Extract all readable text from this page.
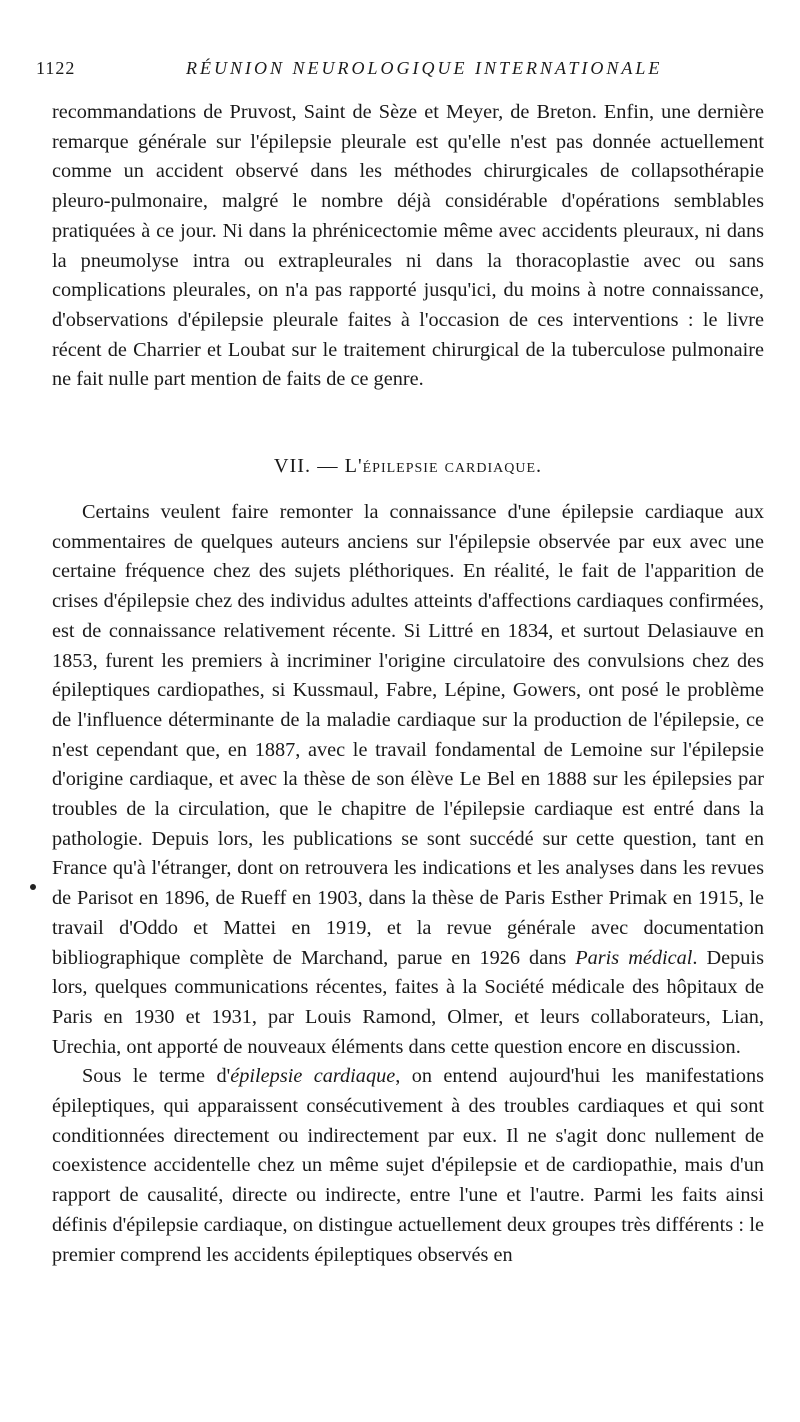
1122	RÉUNION NEUROLOGIQUE INTERNATIONALE

recommandations de Pruvost, Saint de Sèze et Meyer, de Breton. Enfin, une dernière remarque générale sur l'épilepsie pleurale est qu'elle n'est pas donnée actuellement comme un accident observé dans les méthodes chirurgicales de collapsothérapie pleuro-pulmonaire, malgré le nombre déjà considérable d'opérations semblables pratiquées à ce jour. Ni dans la phrénicectomie même avec accidents pleuraux, ni dans la pneumolyse intra ou extrapleurales ni dans la thoracoplastie avec ou sans complications pleurales, on n'a pas rapporté jusqu'ici, du moins à notre connaissance, d'observations d'épilepsie pleurale faites à l'occasion de ces interventions : le livre récent de Charrier et Loubat sur le traitement chirurgical de la tuberculose pulmonaire ne fait nulle part mention de faits de ce genre.

VII. — L'épilepsie cardiaque.

Certains veulent faire remonter la connaissance d'une épilepsie cardiaque aux commentaires de quelques auteurs anciens sur l'épilepsie observée par eux avec une certaine fréquence chez des sujets pléthoriques. En réalité, le fait de l'apparition de crises d'épilepsie chez des individus adultes atteints d'affections cardiaques confirmées, est de connaissance relativement récente. Si Littré en 1834, et surtout Delasiauve en 1853, furent les premiers à incriminer l'origine circulatoire des convulsions chez des épileptiques cardiopathes, si Kussmaul, Fabre, Lépine, Gowers, ont posé le problème de l'influence déterminante de la maladie cardiaque sur la production de l'épilepsie, ce n'est cependant que, en 1887, avec le travail fondamental de Lemoine sur l'épilepsie d'origine cardiaque, et avec la thèse de son élève Le Bel en 1888 sur les épilepsies par troubles de la circulation, que le chapitre de l'épilepsie cardiaque est entré dans la pathologie. Depuis lors, les publications se sont succédé sur cette question, tant en France qu'à l'étranger, dont on retrouvera les indications et les analyses dans les revues de Parisot en 1896, de Rueff en 1903, dans la thèse de Paris Esther Primak en 1915, le travail d'Oddo et Mattei en 1919, et la revue générale avec documentation bibliographique complète de Marchand, parue en 1926 dans Paris médical. Depuis lors, quelques communications récentes, faites à la Société médicale des hôpitaux de Paris en 1930 et 1931, par Louis Ramond, Olmer, et leurs collaborateurs, Lian, Urechia, ont apporté de nouveaux éléments dans cette question encore en discussion.

Sous le terme d'épilepsie cardiaque, on entend aujourd'hui les manifestations épileptiques, qui apparaissent consécutivement à des troubles cardiaques et qui sont conditionnées directement ou indirectement par eux. Il ne s'agit donc nullement de coexistence accidentelle chez un même sujet d'épilepsie et de cardiopathie, mais d'un rapport de causalité, directe ou indirecte, entre l'une et l'autre. Parmi les faits ainsi définis d'épilepsie cardiaque, on distingue actuellement deux groupes très différents : le premier comprend les accidents épileptiques observés en
